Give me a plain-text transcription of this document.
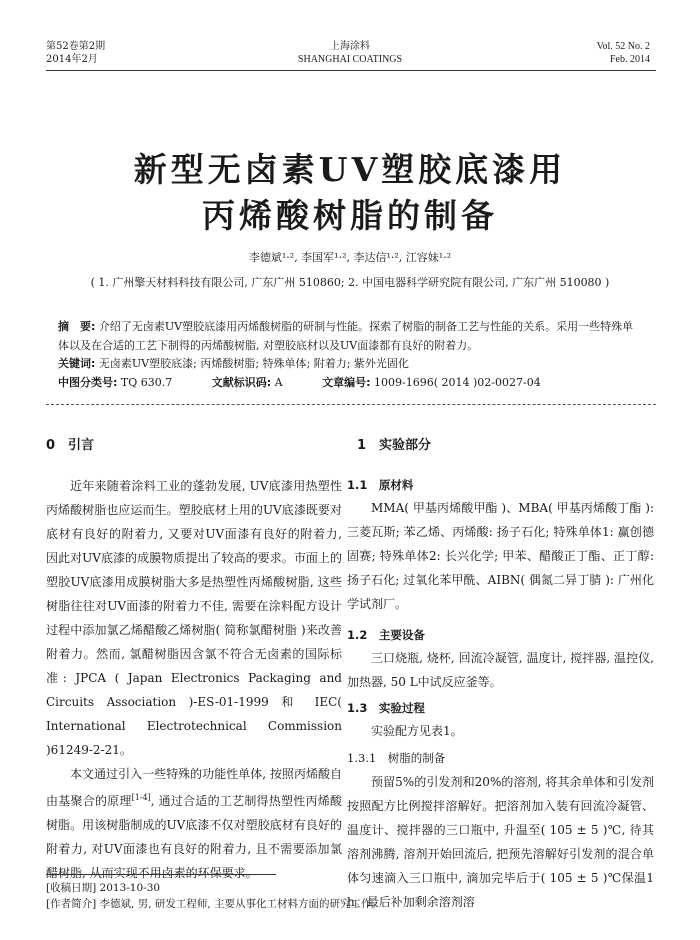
第52卷第2期
2014年2月
上海涂料
SHANGHAI COATINGS
Vol. 52 No. 2
Feb. 2014
新型无卤素UV塑胶底漆用
丙烯酸树脂的制备
李德斌¹·², 李国军¹·², 李达信¹·², 江容妹¹·²
( 1. 广州擎天材料科技有限公司, 广东广州 510860; 2. 中国电器科学研究院有限公司, 广东广州 510080 )
摘　要: 介绍了无卤素UV塑胶底漆用丙烯酸树脂的研制与性能。探索了树脂的制备工艺与性能的关系。采用一些特殊单体以及在合适的工艺下制得的丙烯酸树脂, 对塑胶底材以及UV面漆都有良好的附着力。
关键词: 无卤素UV塑胶底漆; 丙烯酸树脂; 特殊单体; 附着力; 紫外光固化
中图分类号: TQ 630.7	文献标识码: A	文章编号: 1009-1696( 2014 )02-0027-04
0　引言

近年来随着涂料工业的蓬勃发展, UV底漆用热塑性丙烯酸树脂也应运而生。塑胶底材上用的UV底漆既要对底材有良好的附着力, 又要对UV面漆有良好的附着力, 因此对UV底漆的成膜物质提出了较高的要求。市面上的塑胶UV底漆用成膜树脂大多是热塑性丙烯酸树脂, 这些树脂往往对UV面漆的附着力不佳, 需要在涂料配方设计过程中添加氯乙烯醋酸乙烯树脂( 简称氯醋树脂 )来改善附着力。然而, 氯醋树脂因含氯不符合无卤素的国际标准: JPCA ( Japan Electronics Packaging and Circuits Association )-ES-01-1999 和 IEC( International Electrotechnical Commission )61249-2-21。

本文通过引入一些特殊的功能性单体, 按照丙烯酸自由基聚合的原理[1-4], 通过合适的工艺制得热塑性丙烯酸树脂。用该树脂制成的UV底漆不仅对塑胶底材有良好的附着力, 对UV面漆也有良好的附着力, 且不需要添加氯醋树脂, 从而实现不用卤素的环保要求。

1　实验部分
1.1　原材料

MMA( 甲基丙烯酸甲酯 )、MBA( 甲基丙烯酸丁酯 ): 三菱瓦斯; 苯乙烯、丙烯酸: 扬子石化; 特殊单体1: 赢创德固赛; 特殊单体2: 长兴化学; 甲苯、醋酸正丁酯、正丁醇: 扬子石化; 过氧化苯甲酰、AIBN( 偶氮二异丁腈 ): 广州化学试剂厂。

1.2　主要设备

三口烧瓶, 烧杯, 回流冷凝管, 温度计, 搅拌器, 温控仪, 加热器, 50 L中试反应釜等。

1.3　实验过程

实验配方见表1。

1.3.1　树脂的制备

预留5%的引发剂和20%的溶剂, 将其余单体和引发剂按照配方比例搅拌溶解好。把溶剂加入装有回流冷凝管、温度计、搅拌器的三口瓶中, 升温至( 105 ± 5 )℃, 待其溶剂沸腾, 溶剂开始回流后, 把预先溶解好引发剂的混合单体匀速滴入三口瓶中, 滴加完毕后于( 105 ± 5 )℃保温1 h。最后补加剩余溶剂溶

[收稿日期] 2013-10-30
[作者简介] 李德斌, 男, 研发工程师, 主要从事化工材料方面的研究工作。
